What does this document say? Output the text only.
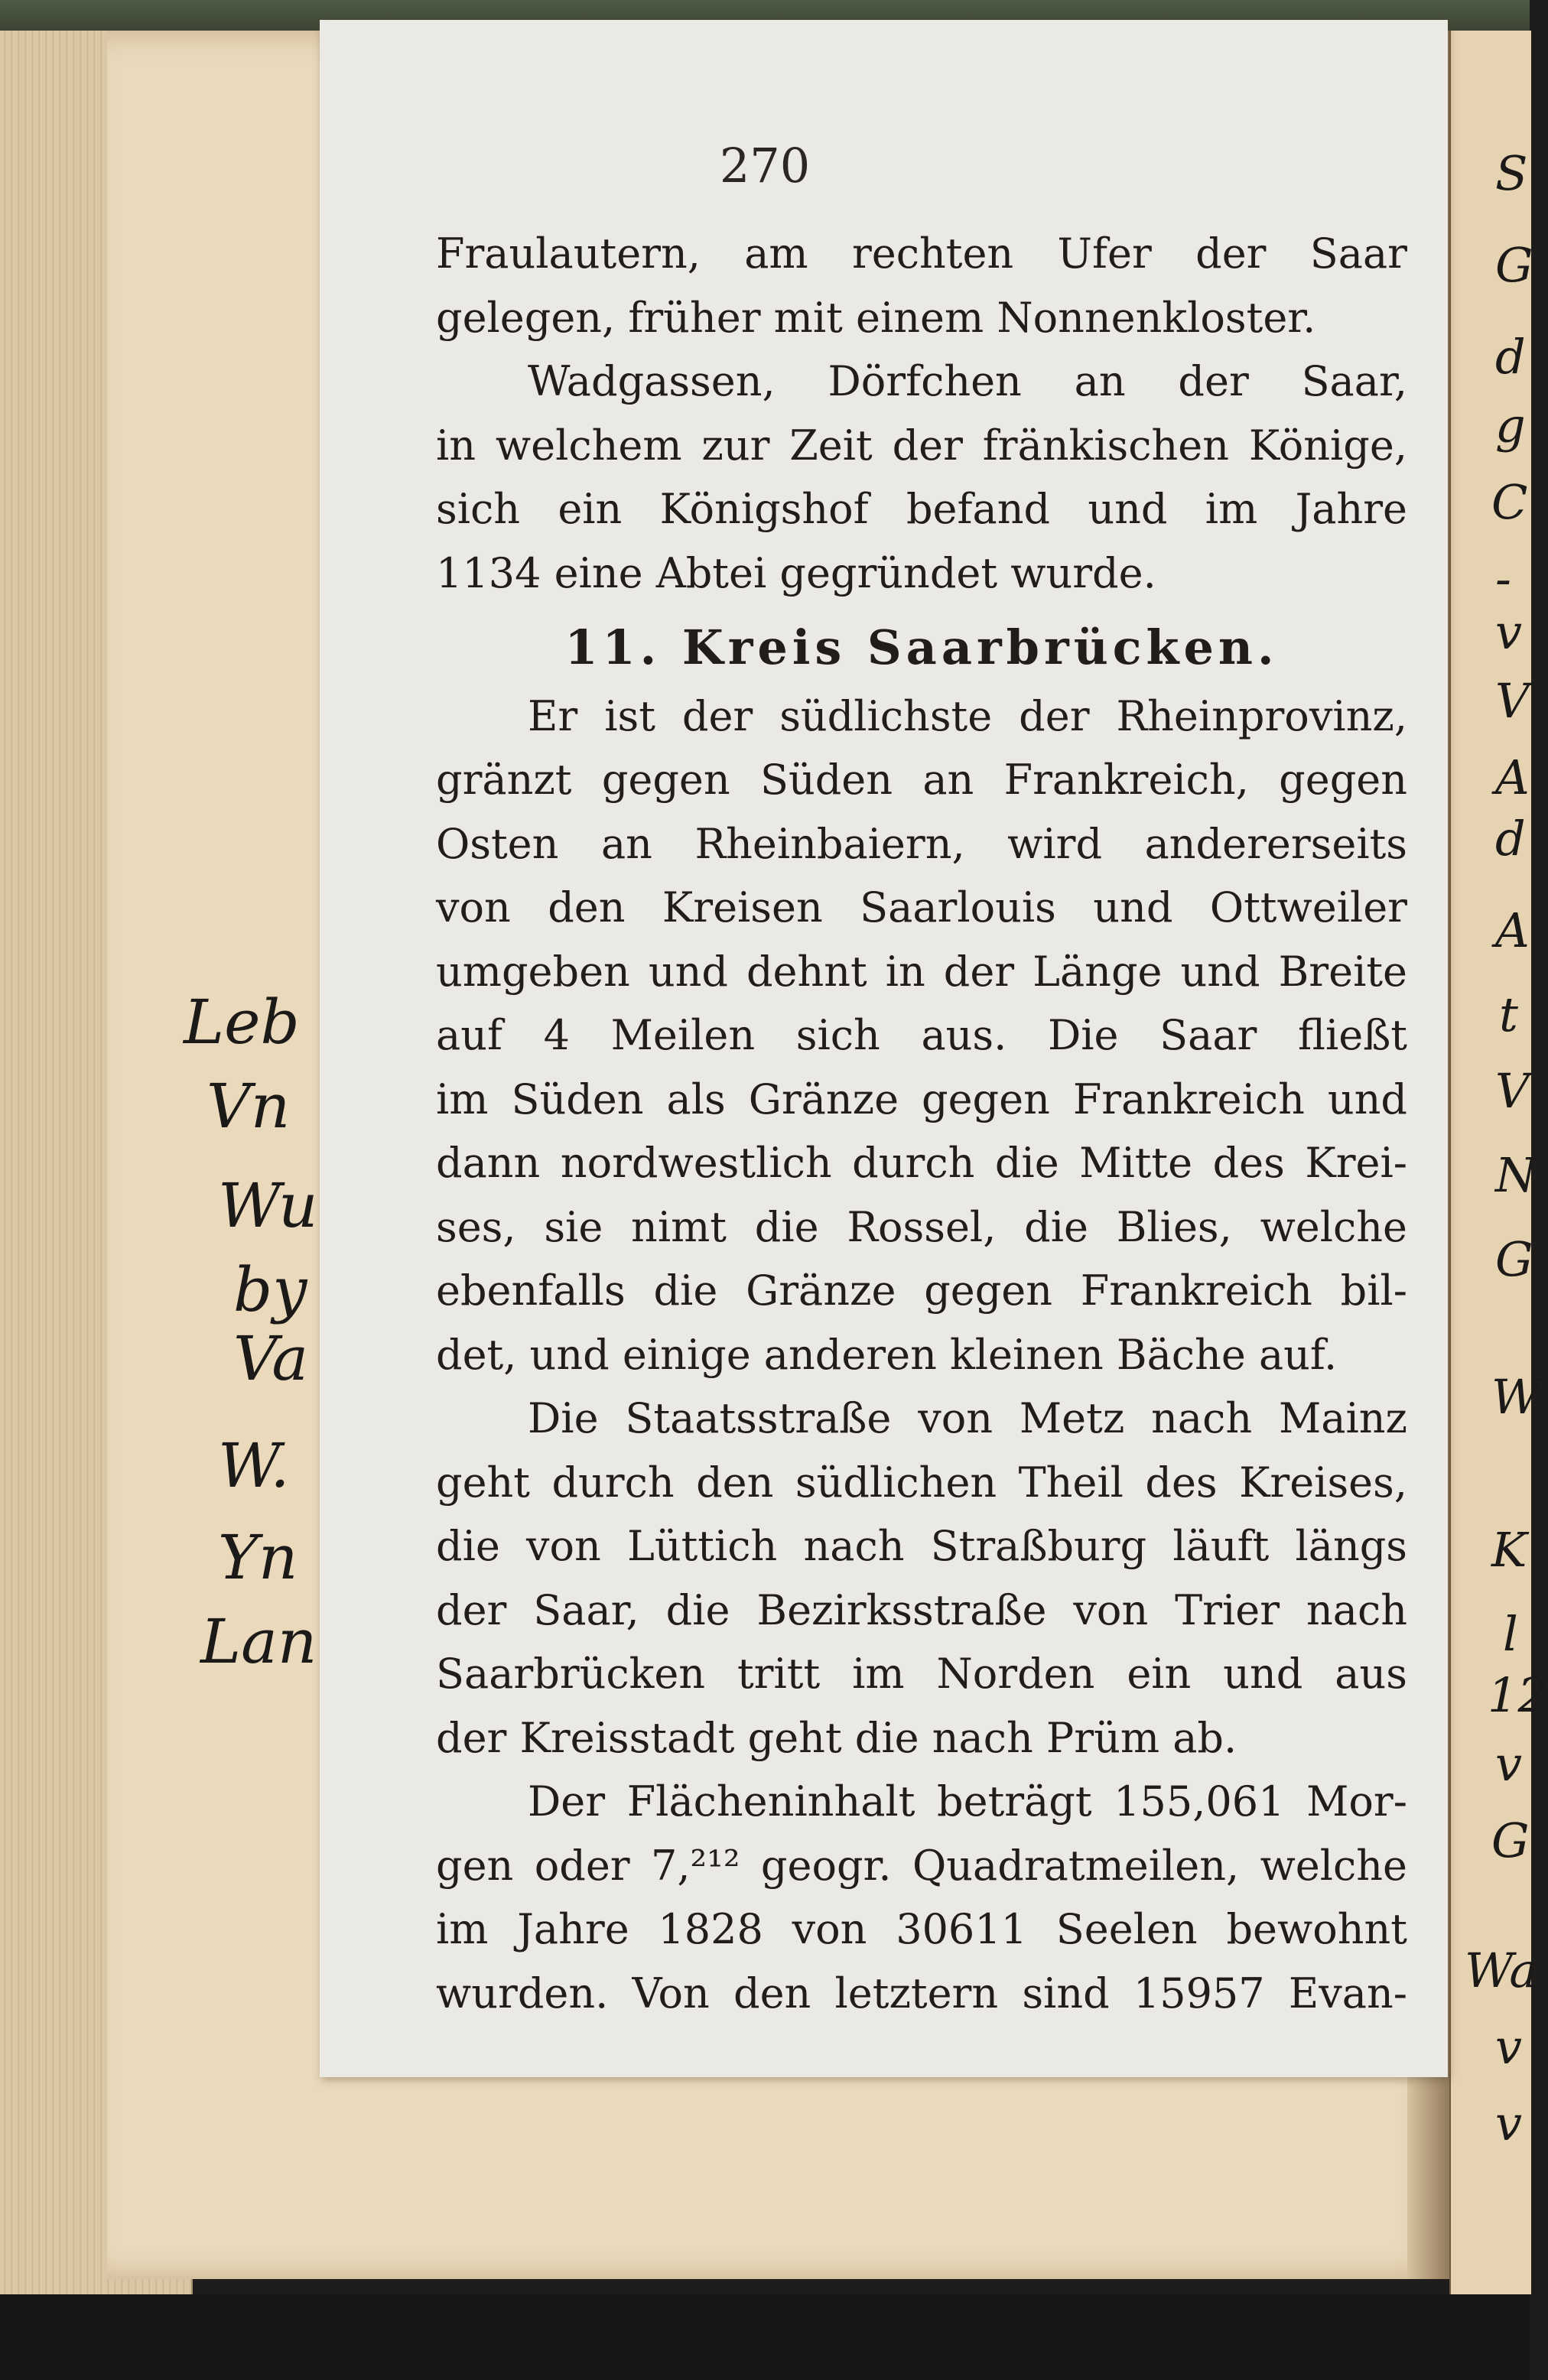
270
Fraulautern, am rechten Ufer der Saar
gelegen, früher mit einem Nonnenkloster.
Wadgassen, Dörfchen an der Saar,
in welchem zur Zeit der fränkischen Könige,
sich ein Königshof befand und im Jahre
1134 eine Abtei gegründet wurde.
11. Kreis Saarbrücken.
Er ist der südlichste der Rheinprovinz,
gränzt gegen Süden an Frankreich, gegen
Osten an Rheinbaiern, wird andererseits
von den Kreisen Saarlouis und Ottweiler
umgeben und dehnt in der Länge und Breite
auf 4 Meilen sich aus. Die Saar fließt
im Süden als Gränze gegen Frankreich und
dann nordwestlich durch die Mitte des Krei-
ses, sie nimt die Rossel, die Blies, welche
ebenfalls die Gränze gegen Frankreich bil-
det, und einige anderen kleinen Bäche auf.
Die Staatsstraße von Metz nach Mainz
geht durch den südlichen Theil des Kreises,
die von Lüttich nach Straßburg läuft längs
der Saar, die Bezirksstraße von Trier nach
Saarbrücken tritt im Norden ein und aus
der Kreisstadt geht die nach Prüm ab.
Der Flächeninhalt beträgt 155,061 Mor-
gen oder 7,²¹² geogr. Quadratmeilen, welche
im Jahre 1828 von 30611 Seelen bewohnt
wurden. Von den letztern sind 15957 Evan-
Leb
Vn
Wu
by
Va
W.
Yn
Lan
S
G
d
g
C
-
v
V
A
d
A
t
V
N
G
W
K
l
12
v
G
Wa
v
v
